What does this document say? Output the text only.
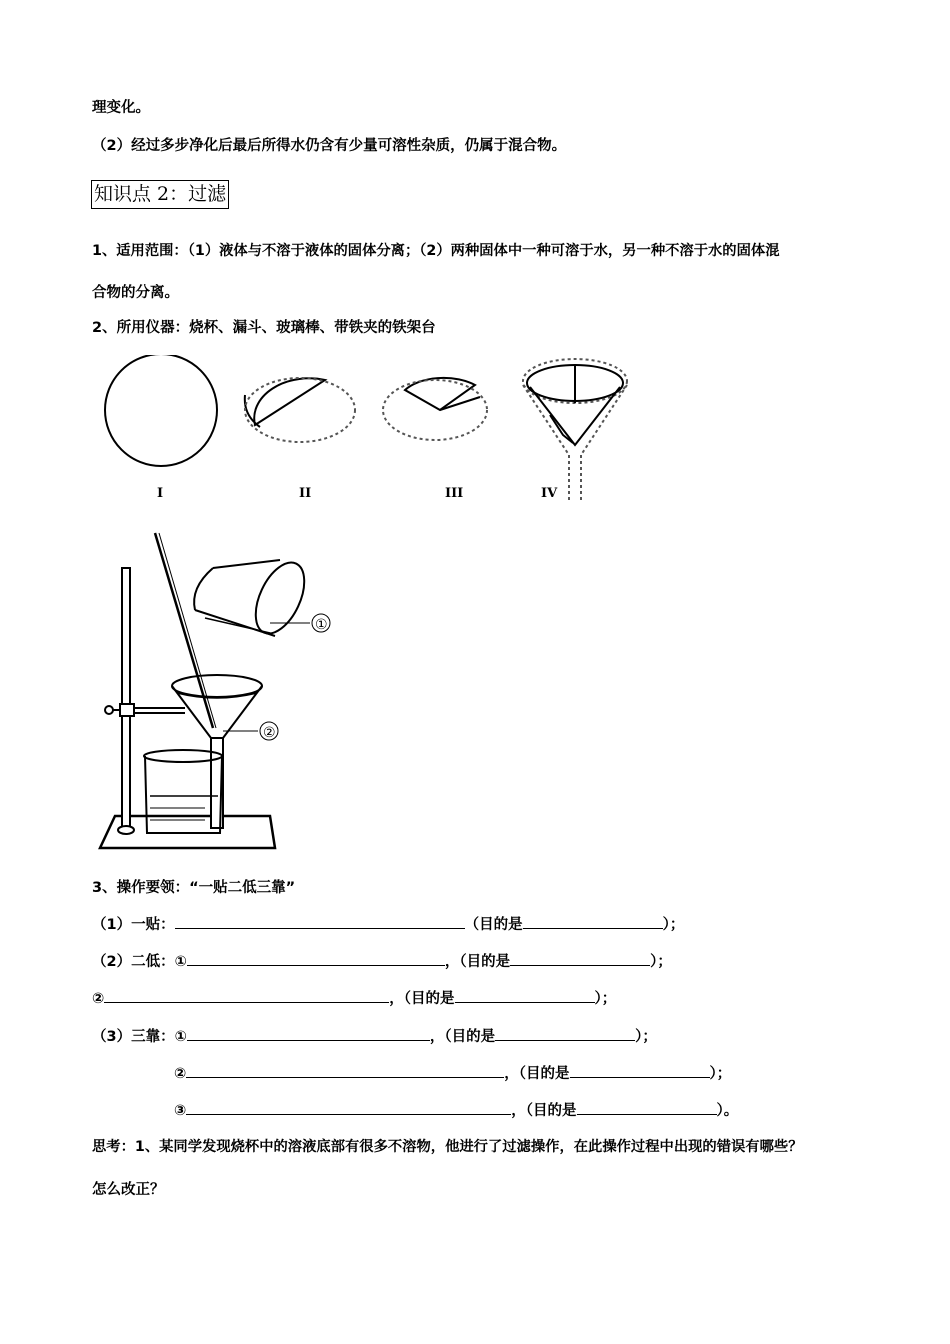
理变化。
（2）经过多步净化后最后所得水仍含有少量可溶性杂质，仍属于混合物。
知识点 2：过滤
1、适用范围：（1）液体与不溶于液体的固体分离；（2）两种固体中一种可溶于水，另一种不溶于水的固体混
合物的分离。
2、所用仪器：烧杯、漏斗、玻璃棒、带铁夹的铁架台
I	II	III	IV
①
②
3、操作要领：“一贴二低三靠”
（1）一贴：	（目的是	）；
（2）二低：①	，（目的是	）；
②	，（目的是	）；
（3）三靠：①	，（目的是	）；
②	，（目的是	）；
③	，（目的是	）。
思考：1、某同学发现烧杯中的溶液底部有很多不溶物，他进行了过滤操作，在此操作过程中出现的错误有哪些？
怎么改正？
